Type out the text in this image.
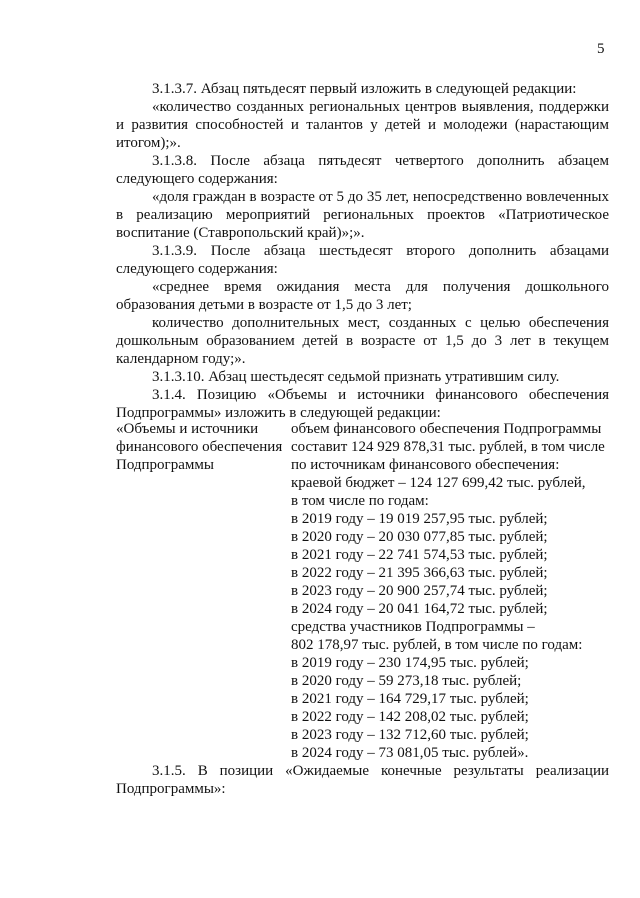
5

3.1.3.7. Абзац пятьдесят первый изложить в следующей редакции:

«количество созданных региональных центров выявления, поддержки и развития способностей и талантов у детей и молодежи (нарастающим итогом);».

3.1.3.8. После абзаца пятьдесят четвертого дополнить абзацем следующего содержания:

«доля граждан в возрасте от 5 до 35 лет, непосредственно вовлеченных в реализацию мероприятий региональных проектов «Патриотическое воспитание (Ставропольский край)»;».

3.1.3.9. После абзаца шестьдесят второго дополнить абзацами следующего содержания:

«среднее время ожидания места для получения дошкольного образования детьми в возрасте от 1,5 до 3 лет;

количество дополнительных мест, созданных с целью обеспечения дошкольным образованием детей в возрасте от 1,5 до 3 лет в текущем календарном году;».

3.1.3.10. Абзац шестьдесят седьмой признать утратившим силу.

3.1.4. Позицию «Объемы и источники финансового обеспечения Подпрограммы» изложить в следующей редакции:

«Объемы и источники
финансового обеспечения
Подпрограммы
объем финансового обеспечения Подпрограммы
составит 124 929 878,31 тыс. рублей, в том числе
по источникам финансового обеспечения:
краевой бюджет – 124 127 699,42 тыс. рублей,
в том числе по годам:
в 2019 году – 19 019 257,95 тыс. рублей;
в 2020 году – 20 030 077,85 тыс. рублей;
в 2021 году – 22 741 574,53 тыс. рублей;
в 2022 году – 21 395 366,63 тыс. рублей;
в 2023 году – 20 900 257,74 тыс. рублей;
в 2024 году – 20 041 164,72 тыс. рублей;
средства участников Подпрограммы –
802 178,97 тыс. рублей, в том числе по годам:
в 2019 году – 230 174,95 тыс. рублей;
в 2020 году – 59 273,18 тыс. рублей;
в 2021 году – 164 729,17 тыс. рублей;
в 2022 году – 142 208,02 тыс. рублей;
в 2023 году – 132 712,60 тыс. рублей;
в 2024 году – 73 081,05 тыс. рублей».

3.1.5. В позиции «Ожидаемые конечные результаты реализации Подпрограммы»:
